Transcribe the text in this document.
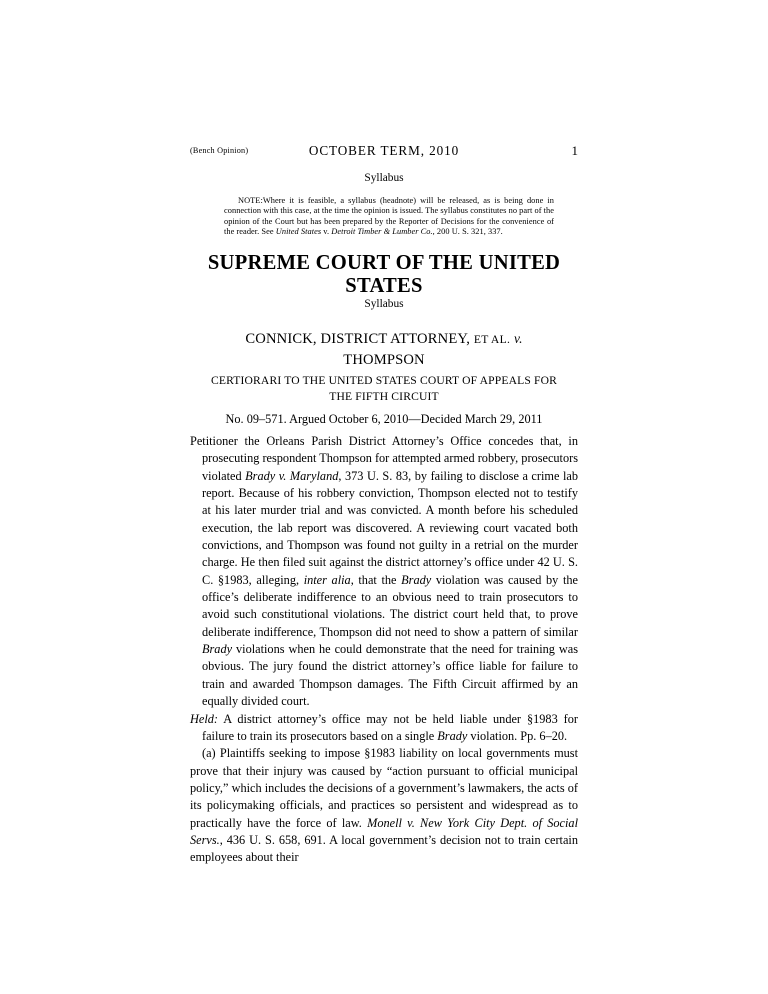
(Bench Opinion)	OCTOBER TERM, 2010	1
Syllabus
NOTE:Where it is feasible, a syllabus (headnote) will be released, as is being done in connection with this case, at the time the opinion is issued. The syllabus constitutes no part of the opinion of the Court but has been prepared by the Reporter of Decisions for the convenience of the reader. See United States v. Detroit Timber & Lumber Co., 200 U. S. 321, 337.
SUPREME COURT OF THE UNITED STATES
Syllabus
CONNICK, DISTRICT ATTORNEY, ET AL. v.
THOMPSON
CERTIORARI TO THE UNITED STATES COURT OF APPEALS FOR
THE FIFTH CIRCUIT
No. 09–571. Argued October 6, 2010—Decided March 29, 2011

Petitioner the Orleans Parish District Attorney’s Office concedes that, in prosecuting respondent Thompson for attempted armed robbery, prosecutors violated Brady v. Maryland, 373 U. S. 83, by failing to disclose a crime lab report. Because of his robbery conviction, Thompson elected not to testify at his later murder trial and was convicted. A month before his scheduled execution, the lab report was discovered. A reviewing court vacated both convictions, and Thompson was found not guilty in a retrial on the murder charge. He then filed suit against the district attorney’s office under 42 U. S. C. §1983, alleging, inter alia, that the Brady violation was caused by the office’s deliberate indifference to an obvious need to train prosecutors to avoid such constitutional violations. The district court held that, to prove deliberate indifference, Thompson did not need to show a pattern of similar Brady violations when he could demonstrate that the need for training was obvious. The jury found the district attorney’s office liable for failure to train and awarded Thompson damages. The Fifth Circuit affirmed by an equally divided court.

Held: A district attorney’s office may not be held liable under §1983 for failure to train its prosecutors based on a single Brady violation. Pp. 6–20.

(a) Plaintiffs seeking to impose §1983 liability on local governments must prove that their injury was caused by “action pursuant to official municipal policy,” which includes the decisions of a government’s lawmakers, the acts of its policymaking officials, and practices so persistent and widespread as to practically have the force of law. Monell v. New York City Dept. of Social Servs., 436 U. S. 658, 691. A local government’s decision not to train certain employees about their
